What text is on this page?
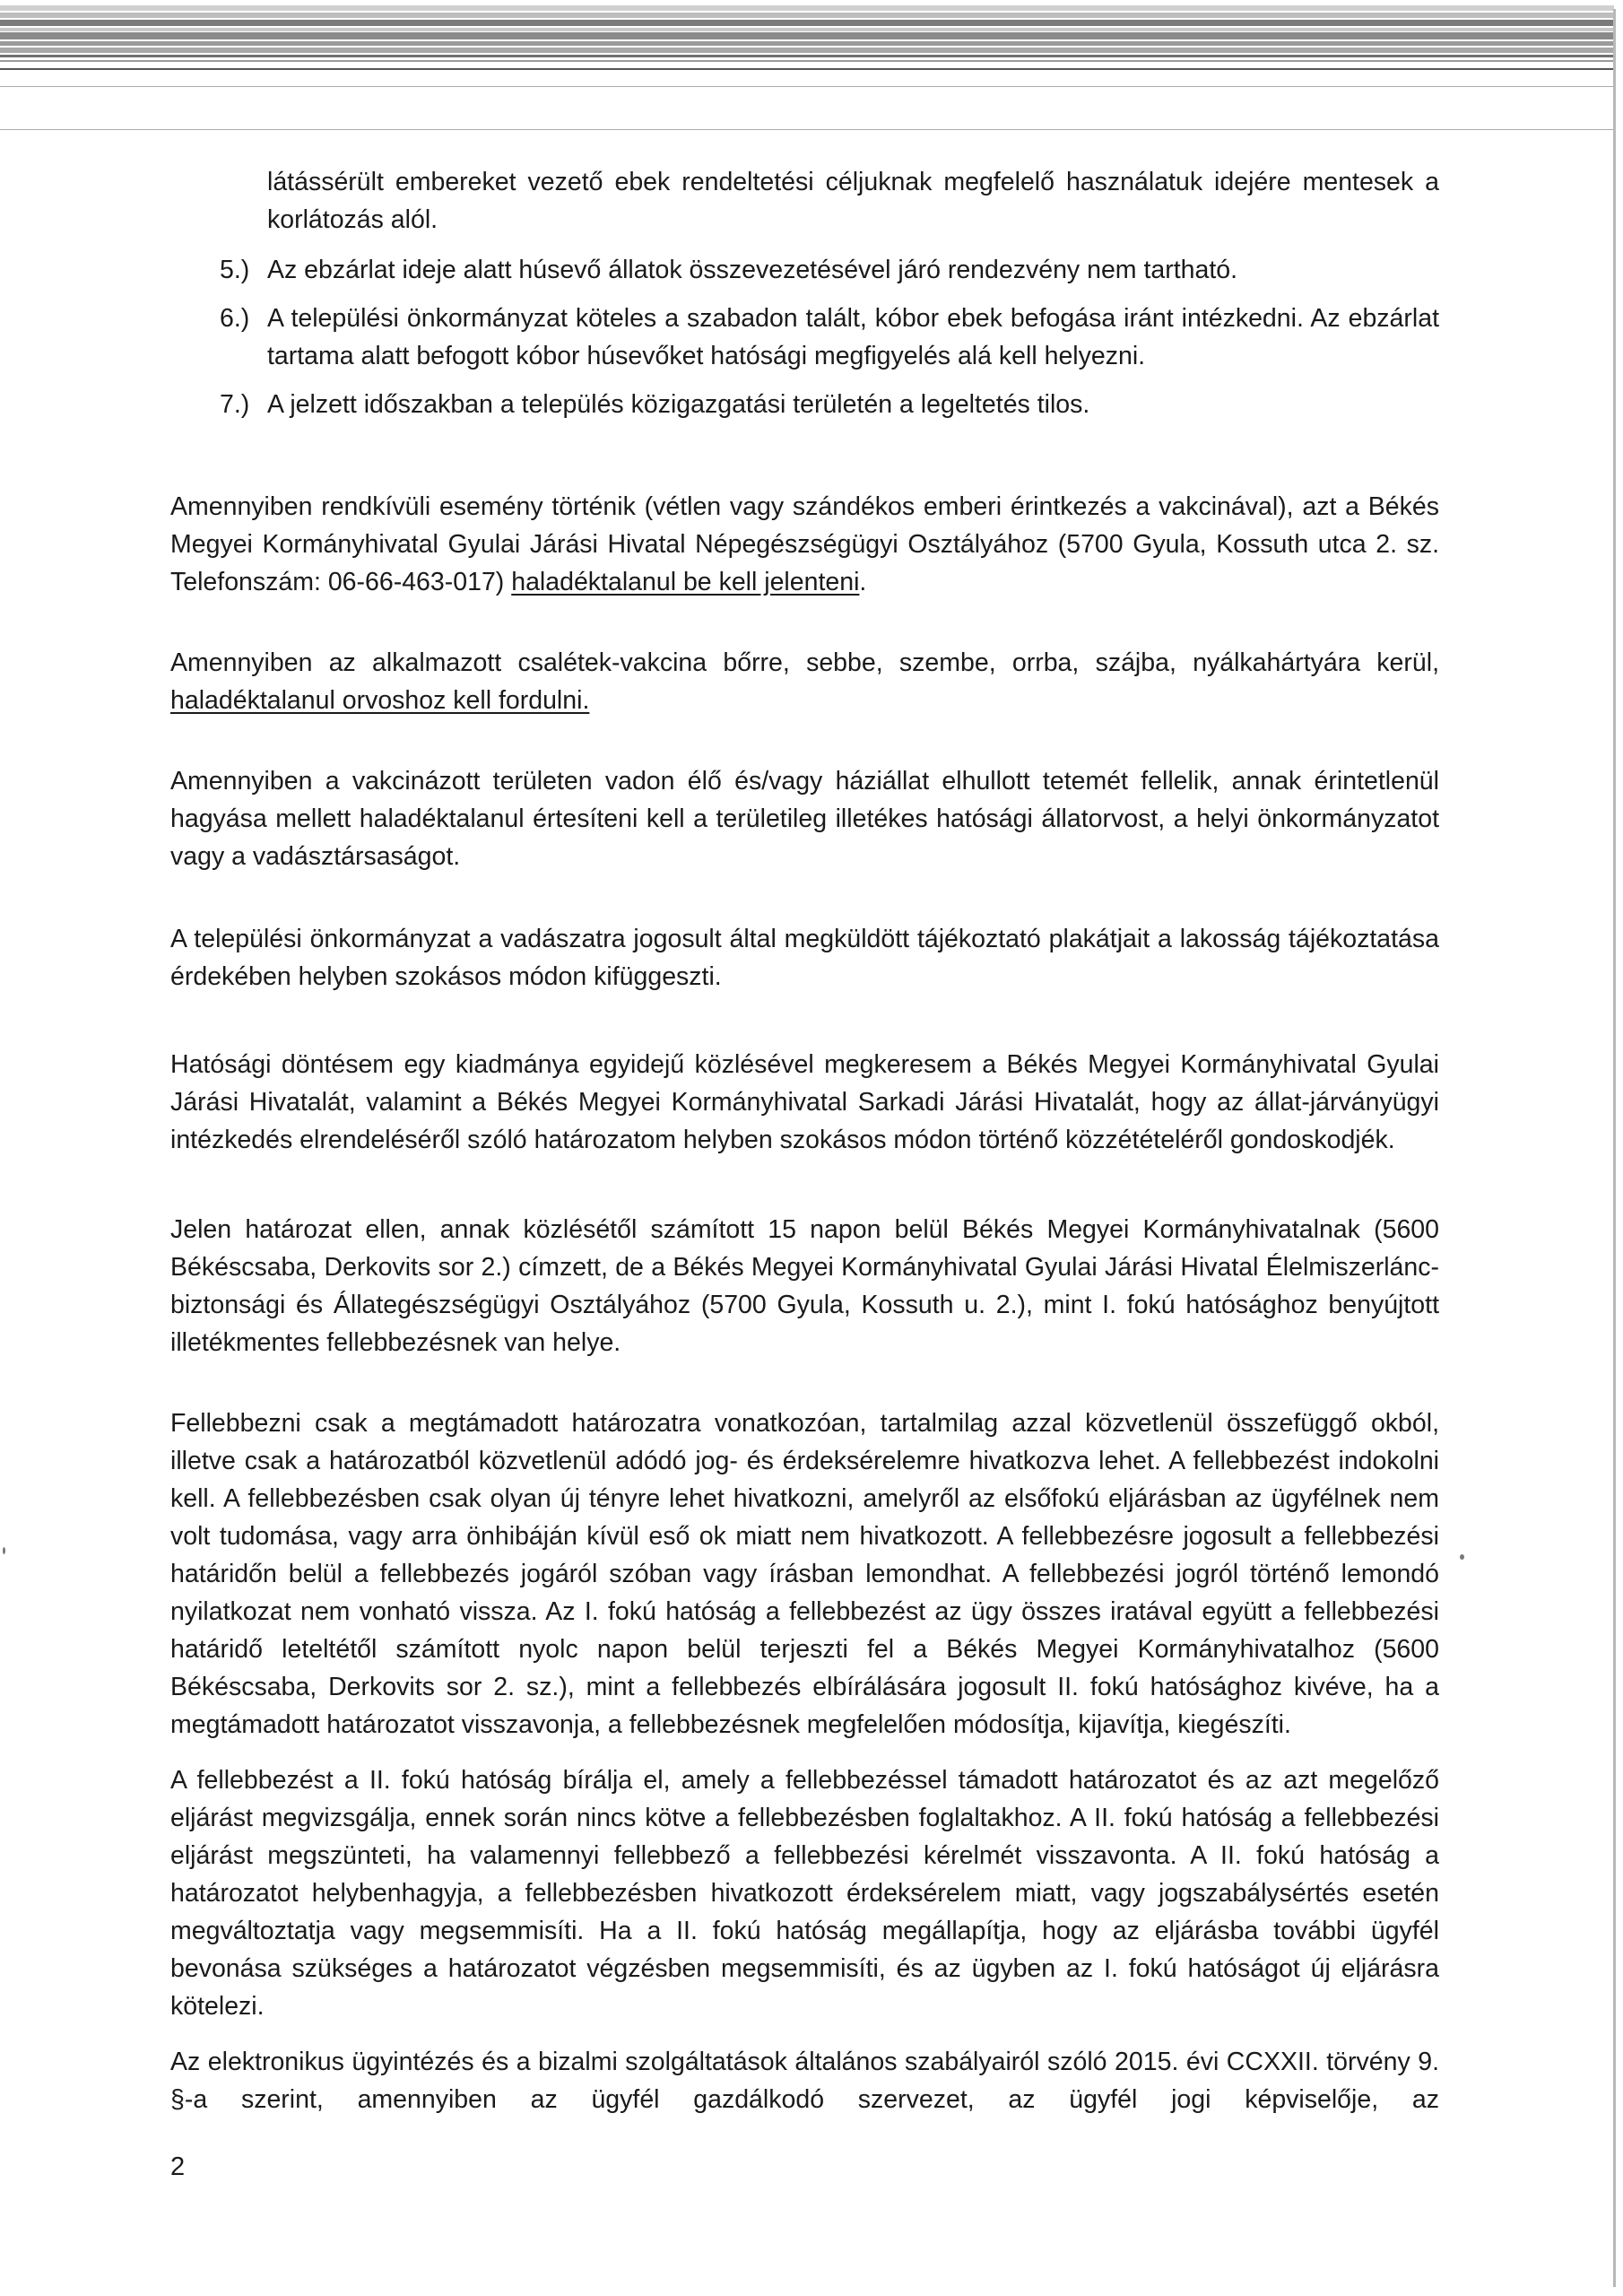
látássérült embereket vezető ebek rendeltetési céljuknak megfelelő használatuk idejére mentesek a korlátozás alól.

5.) Az ebzárlat ideje alatt húsevő állatok összevezetésével járó rendezvény nem tartható.

6.) A települési önkormányzat köteles a szabadon talált, kóbor ebek befogása iránt intézkedni. Az ebzárlat tartama alatt befogott kóbor húsevőket hatósági megfigyelés alá kell helyezni.

7.) A jelzett időszakban a település közigazgatási területén a legeltetés tilos.

Amennyiben rendkívüli esemény történik (vétlen vagy szándékos emberi érintkezés a vakcinával), azt a Békés Megyei Kormányhivatal Gyulai Járási Hivatal Népegészségügyi Osztályához (5700 Gyula, Kossuth utca 2. sz. Telefonszám: 06-66-463-017) haladéktalanul be kell jelenteni.

Amennyiben az alkalmazott csalétek-vakcina bőrre, sebbe, szembe, orrba, szájba, nyálkahártyára kerül, haladéktalanul orvoshoz kell fordulni.

Amennyiben a vakcinázott területen vadon élő és/vagy háziállat elhullott tetemét fellelik, annak érintetlenül hagyása mellett haladéktalanul értesíteni kell a területileg illetékes hatósági állatorvost, a helyi önkormányzatot vagy a vadásztársaságot.

A települési önkormányzat a vadászatra jogosult által megküldött tájékoztató plakátjait a lakosság tájékoztatása érdekében helyben szokásos módon kifüggeszti.

Hatósági döntésem egy kiadmánya egyidejű közlésével megkeresem a Békés Megyei Kormányhivatal Gyulai Járási Hivatalát, valamint a Békés Megyei Kormányhivatal Sarkadi Járási Hivatalát, hogy az állat-járványügyi intézkedés elrendeléséről szóló határozatom helyben szokásos módon történő közzétételéről gondoskodjék.

Jelen határozat ellen, annak közlésétől számított 15 napon belül Békés Megyei Kormányhivatalnak (5600 Békéscsaba, Derkovits sor 2.) címzett, de a Békés Megyei Kormányhivatal Gyulai Járási Hivatal Élelmiszerlánc-biztonsági és Állategészségügyi Osztályához (5700 Gyula, Kossuth u. 2.), mint I. fokú hatósághoz benyújtott illetékmentes fellebbezésnek van helye.

Fellebbezni csak a megtámadott határozatra vonatkozóan, tartalmilag azzal közvetlenül összefüggő okból, illetve csak a határozatból közvetlenül adódó jog- és érdeksérelemre hivatkozva lehet. A fellebbezést indokolni kell. A fellebbezésben csak olyan új tényre lehet hivatkozni, amelyről az elsőfokú eljárásban az ügyfélnek nem volt tudomása, vagy arra önhibáján kívül eső ok miatt nem hivatkozott. A fellebbezésre jogosult a fellebbezési határidőn belül a fellebbezés jogáról szóban vagy írásban lemondhat. A fellebbezési jogról történő lemondó nyilatkozat nem vonható vissza. Az I. fokú hatóság a fellebbezést az ügy összes iratával együtt a fellebbezési határidő leteltétől számított nyolc napon belül terjeszti fel a Békés Megyei Kormányhivatalhoz (5600 Békéscsaba, Derkovits sor 2. sz.), mint a fellebbezés elbírálására jogosult II. fokú hatósághoz kivéve, ha a megtámadott határozatot visszavonja, a fellebbezésnek megfelelően módosítja, kijavítja, kiegészíti.

A fellebbezést a II. fokú hatóság bírálja el, amely a fellebbezéssel támadott határozatot és az azt megelőző eljárást megvizsgálja, ennek során nincs kötve a fellebbezésben foglaltakhoz. A II. fokú hatóság a fellebbezési eljárást megszünteti, ha valamennyi fellebbező a fellebbezési kérelmét visszavonta. A II. fokú hatóság a határozatot helybenhagyja, a fellebbezésben hivatkozott érdeksérelem miatt, vagy jogszabálysértés esetén megváltoztatja vagy megsemmisíti. Ha a II. fokú hatóság megállapítja, hogy az eljárásba további ügyfél bevonása szükséges a határozatot végzésben megsemmisíti, és az ügyben az I. fokú hatóságot új eljárásra kötelezi.

Az elektronikus ügyintézés és a bizalmi szolgáltatások általános szabályairól szóló 2015. évi CCXXII. törvény 9. §-a szerint, amennyiben az ügyfél gazdálkodó szervezet, az ügyfél jogi képviselője, az

2
